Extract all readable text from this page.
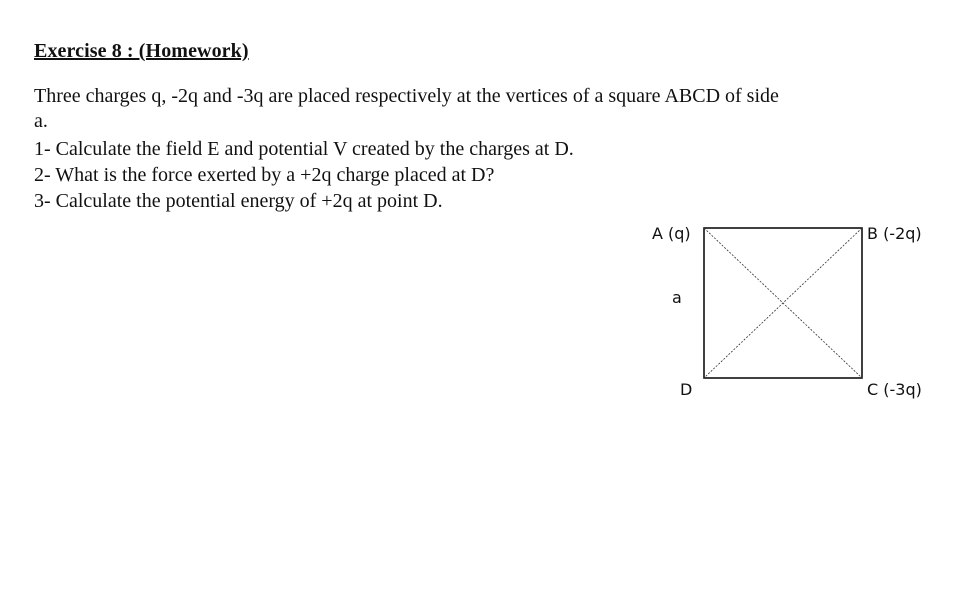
Exercise 8 : (Homework)
Three charges q, -2q and -3q are placed respectively at the vertices of a square ABCD of side
a.
1- Calculate the field E and potential V created by the charges at D.
2- What is the force exerted by a +2q charge placed at D?
3- Calculate the potential energy of +2q at point D.
A (q)	B (-2q)
C (-3q)
D
a
